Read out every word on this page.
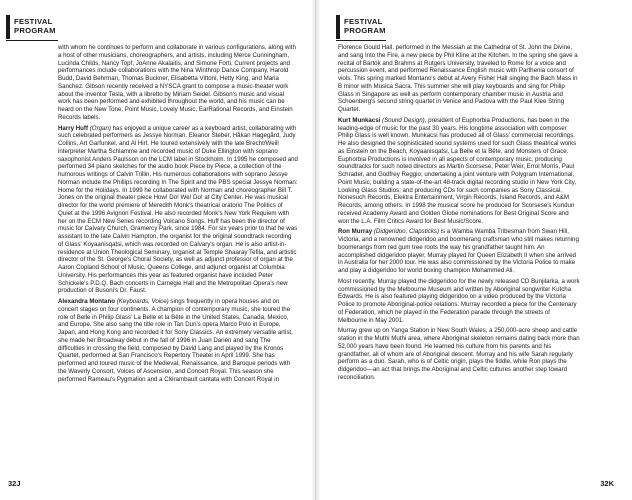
FESTIVAL
PROGRAM

with whom he continues to perform and collaborate in various configurations, along with a host of other musicians, choreographers, and artists, including Merce Cunningham, Lucinda Childs, Nancy Topf, JoAnne Akalaitis, and Simone Forti. Current projects and performances include collaborations with the Nina Winthrop Dance Company, Harold Budd, David Behrman, Thomas Buckner, Elisabetta Vittoni, Hetty King, and Maria Sanchez. Gibson recently received a NYSCA grant to compose a music-theater work about the inventor Tesla, with a libretto by Miriam Seidel. Gibson's music and visual work has been performed and exhibited throughout the world, and his music can be heard on the New Tone, Point Music, Lovely Music, EarRational Records, and Einstein Records labels.

Harry Huff (Organ) has enjoyed a unique career as a keyboard artist, collaborating with such celebrated performers as Jessye Norman, Eleanor Steber, Håkan Hagegård, Judy Collins, Art Garfunkel, and Al Hirt. He toured extensively with the late Brecht/Weill interpreter Martha Schlamme and recorded music of Duke Ellington with soprano saxophonist Anders Paulsson on the LCM label in Stockholm. In 1995 he composed and performed 34 piano sketches for the audio book Piece by Piece, a collection of the humorous writings of Calvin Trillin. His numerous collaborations with soprano Jessye Norman include the Phillips recording In The Spirit and the PBS special Jessye Norman: Home for the Holidays. In 1999 he collaborated with Norman and choreographer Bill T. Jones on the original theater piece How! Do! We! Do! at City Center. He was musical director for the world premiere of Meredith Monk's theatrical oratorio The Politics of Quiet at the 1996 Avignon Festival. He also recorded Monk's New York Requiem with her on the ECM New Series recording Volcano Songs. Huff has been the director of music for Calvary Church, Gramercy Park, since 1984. For six years prior to that he was assistant to the late Calvin Hampton, the organist for the original soundtrack recording of Glass' Koyaanisqatsi, which was recorded on Calvary's organ. He is also artist-in-residence at Union Theological Seminary, organist at Temple Shaaray Tefila, and artistic director of the St. George's Choral Society, as well as adjunct professor of organ at the Aaron Copland School of Music, Queens College, and adjunct organist at Columbia University. His performances this year as featured organist have included Peter Schickele's P.D.Q. Bach concerts in Carnegie Hall and the Metropolitan Opera's new production of Busoni's Dr. Faust.

Alexandra Montano (Keyboards, Voice) sings frequently in opera houses and on concert stages on four continents. A champion of contemporary music, she toured the role of Belle in Philip Glass' La Belle et la Bête in the United States, Canada, Mexico, and Europe. She also sang the title role in Tan Dun's opera Marco Polo in Europe, Japan, and Hong Kong and recorded it for Sony Classics. An extremely versatile artist, she made her Broadway debut in the fall of 1996 in Juan Darién and sang The difficulties in crossing the field, composed by David Lang and played by the Kronos Quartet, performed at San Francisco's Repertory Theater in April 1999. She has performed and toured music of the Medieval, Renaissance, and Baroque periods with the Waverly Consort, Voices of Ascension, and Concert Royal. This season she performed Rameau's Pygmalion and a Clérambault cantata with Concert Royal in

32J
FESTIVAL
PROGRAM

Florence Gould Hall, performed in the Messiah at the Cathedral of St. John the Divine, and sang Into the Fire, a new piece by Phil Kline at the Kitchen. In the spring she gave a recital of Bartók and Brahms at Rutgers University, traveled to Rome for a voice and percussion event, and performed Renaissance English music with Parthenia consort of viols. This spring marked Montano's debut at Avery Fisher Hall singing the Bach Mass in B minor with Musica Sacra. This summer she will play keyboards and sing for Philip Glass in Singapore as well as perform contemporary chamber music in Austria and Schoenberg's second string quartet in Venice and Padova with the Paul Klee String Quartet.

Kurt Munkacsi (Sound Design), president of Euphorbia Productions, has been in the leading-edge of music for the past 30 years. His longtime association with composer Philip Glass is well known. Munkacsi has produced all of Glass' commercial recordings. He also designed the sophisticated sound systems used for such Glass theatrical works as Einstein on the Beach, Koyaanisqatsi, La Belle et la Bête, and Monsters of Grace. Euphorbia Productions is involved in all aspects of contemporary music, producing soundtracks for such noted directors as Martin Scorsese, Peter Weir, Errol Morris, Paul Schrader, and Godfrey Reggio; undertaking a joint venture with Polygram International, Point Music; building a state-of-the-art 48-track digital recording studio in New York City, Looking Glass Studios; and producing CDs for such companies as Sony Classical, Nonesuch Records, Elektra Entertainment, Virgin Records, Island Records, and A&M Records, among others. In 1998 the musical score he produced for Scorsese's Kundun received Academy Award and Golden Globe nominations for Best Original Score and won the L.A. Film Critics Award for Best Music/Score.

Ron Murray (Didgeridoo, Clapsticks) is a Wamba Wamba Tribesman from Swan Hill, Victoria, and a renowned didgeridoo and boomerang craftsman who still makes returning boomerangs from red gum tree roots the way his grandfather taught him. An accomplished didgeridoo player, Murray played for Queen Elizabeth II when she arrived in Australia for her 2000 tour. He was also commissioned by the Victoria Police to make and play a didgeridoo for world boxing champion Mohammed Ali.

Most recently, Murray played the didgeridoo for the newly released CD Bunjilarka, a work commissioned by the Melbourne Museum and written by Aboriginal songwriter Kutcha Edwards. He is also featured playing didgeridoo on a video produced by the Victoria Police to promote Aboriginal-police relations. Murray recorded a piece for the Centenary of Federation, which he played in the Federation parade through the streets of Melbourne in May 2001.

Murray grew up on Yanga Station in New South Wales, a 250,000-acre sheep and cattle station in the Muthi Muthi area, where Aboriginal skeleton remains dating back more than 52,000 years have been found. He learned his culture from his parents and his grandfather, all of whom are of Aboriginal descent. Murray and his wife Sarah regularly perform as a duo. Sarah, who is of Celtic origin, plays the fiddle, while Ron plays the didgeridoo—an act that brings the Aboriginal and Celtic cultures another step toward reconciliation.

32K
